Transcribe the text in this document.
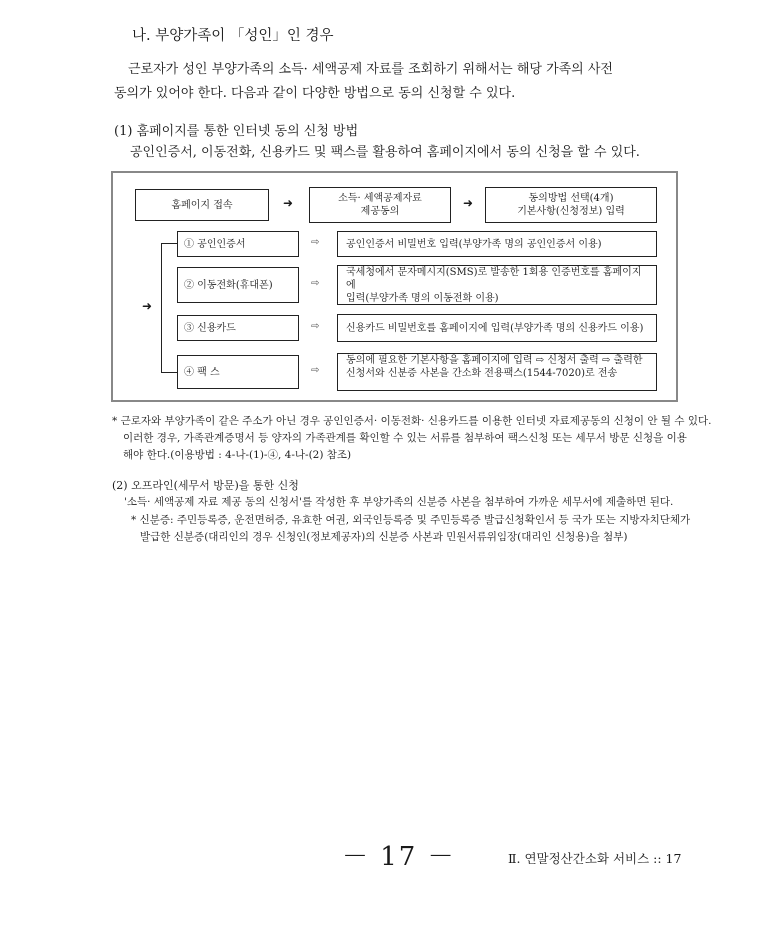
나. 부양가족이 「성인」인 경우
근로자가 성인 부양가족의 소득· 세액공제 자료를 조회하기 위해서는 해당 가족의 사전
동의가 있어야 한다. 다음과 같이 다양한 방법으로 동의 신청할 수 있다.
(1) 홈페이지를 통한 인터넷 동의 신청 방법
공인인증서, 이동전화, 신용카드 및 팩스를 활용하여 홈페이지에서 동의 신청을 할 수 있다.
홈페이지 접속	➜	소득· 세액공제자료
제공동의
➜	동의방법 선택(4개)
기본사항(신청정보) 입력
➜
① 공인인증서	⇨	공인인증서 비밀번호 입력(부양가족 명의 공인인증서 이용)
② 이동전화(휴대폰)	⇨
국세청에서 문자메시지(SMS)로 발송한 1회용 인증번호를 홈페이지에
입력(부양가족 명의 이동전화 이용)
③ 신용카드	⇨	신용카드 비밀번호를 홈페이지에 입력(부양가족 명의 신용카드 이용)
④ 팩 스	⇨
동의에 필요한 기본사항을 홈페이지에 입력 ⇨ 신청서 출력 ⇨ 출력한
신청서와 신분증 사본을 간소화 전용팩스(1544-7020)로 전송
* 근로자와 부양가족이 같은 주소가 아닌 경우 공인인증서· 이동전화· 신용카드를 이용한 인터넷 자료제공동의 신청이 안 될 수 있다.
이러한 경우, 가족관계증명서 등 양자의 가족관계를 확인할 수 있는 서류를 첨부하여 팩스신청 또는 세무서 방문 신청을 이용
해야 한다.(이용방법 : 4-나-(1)-④, 4-나-(2) 참조)
(2) 오프라인(세무서 방문)을 통한 신청
'소득· 세액공제 자료 제공 동의 신청서'를 작성한 후 부양가족의 신분증 사본을 첨부하여 가까운 세무서에 제출하면 된다.
* 신분증: 주민등록증, 운전면허증, 유효한 여권, 외국인등록증 및 주민등록증 발급신청확인서 등 국가 또는 지방자치단체가
발급한 신분증(대리인의 경우 신청인(정보제공자)의 신분증 사본과 민원서류위임장(대리인 신청용)을 첨부)
－ 17 －	Ⅱ. 연말정산간소화 서비스 :: 17
